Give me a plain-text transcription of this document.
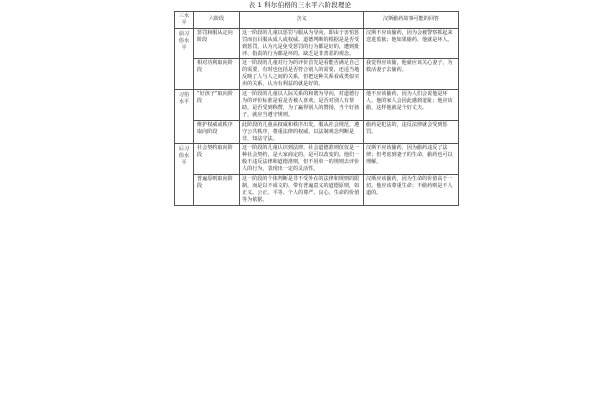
表 1 科尔伯格的三水平六阶段理论
三水平	六阶段	含义	汉斯偷药故事可能的回答
前习俗水平	惩罚和服从定向阶段	这一阶段的儿童以惩罚与服从为导向，即由于害怕惩罚而盲目服从成人或权威。道德判断的根据是是否受到惩罚，认为凡是免受惩罚的行为都是好的，遭到批评、指责的行为都是坏的，缺乏是非善恶的观念。	汉斯不应该偷药，因为会被警察抓起来送进监狱；他如果偷药，他就是坏人。
	相对功利取向阶段	这一阶段的儿童对行为的评价首先是看能否满足自己的需要，有时也包括是否符合别人的需要，还适当地反映了人与人之间的关系，但把这种关系看成类似买卖的关系，认为有利益的就是好的。	我觉得应该偷，他就应该关心妻子，为救活妻子去偷药。
习俗水平	“好孩子”取向阶段	这一阶段的儿童以人际关系的和谐为导向，对道德行为的评价标准是看是否被人喜欢，是否对别人有帮助，是否受到称赞，为了赢得别人的赞扬，当个好孩子，就应当遵守规则。	他不应该偷药，因为人们会说他是坏人，他的家人会因此感到羞耻；他应该偷，这样他就是个好丈夫。
	维护权威或秩序取向阶段	此阶段的儿童从权威和秩序出发，服从社会规范，遵守公共秩序，尊重法律的权威，以法制观念判断是非，知法守法。	偷药是犯法的，违反法律就会受到惩罚。
后习俗水平	社会契约取向阶段	这一阶段的儿童认识到法律、社会道德准则仅仅是一种社会契约，是大家商定的，是可以改变的。他们一般不违反法律和道德准则，但不用单一的规则去评价人的行为，表现出一定的灵活性。	汉斯不应该偷药，因为偷药违反了法律；但考虑到妻子的生命，偷药也可以理解。
	普遍原则取向阶段	这一阶段的个体判断是非不受外在的法律和规则的限制，而是以不成文的、带有普遍意义的道德原则，如正义、公正、平等、个人的尊严、良心、生命的价值等为依据。	汉斯应该偷药，因为生命的价值高于一切，他应该尊重生命；不偷药则是不人道的。
